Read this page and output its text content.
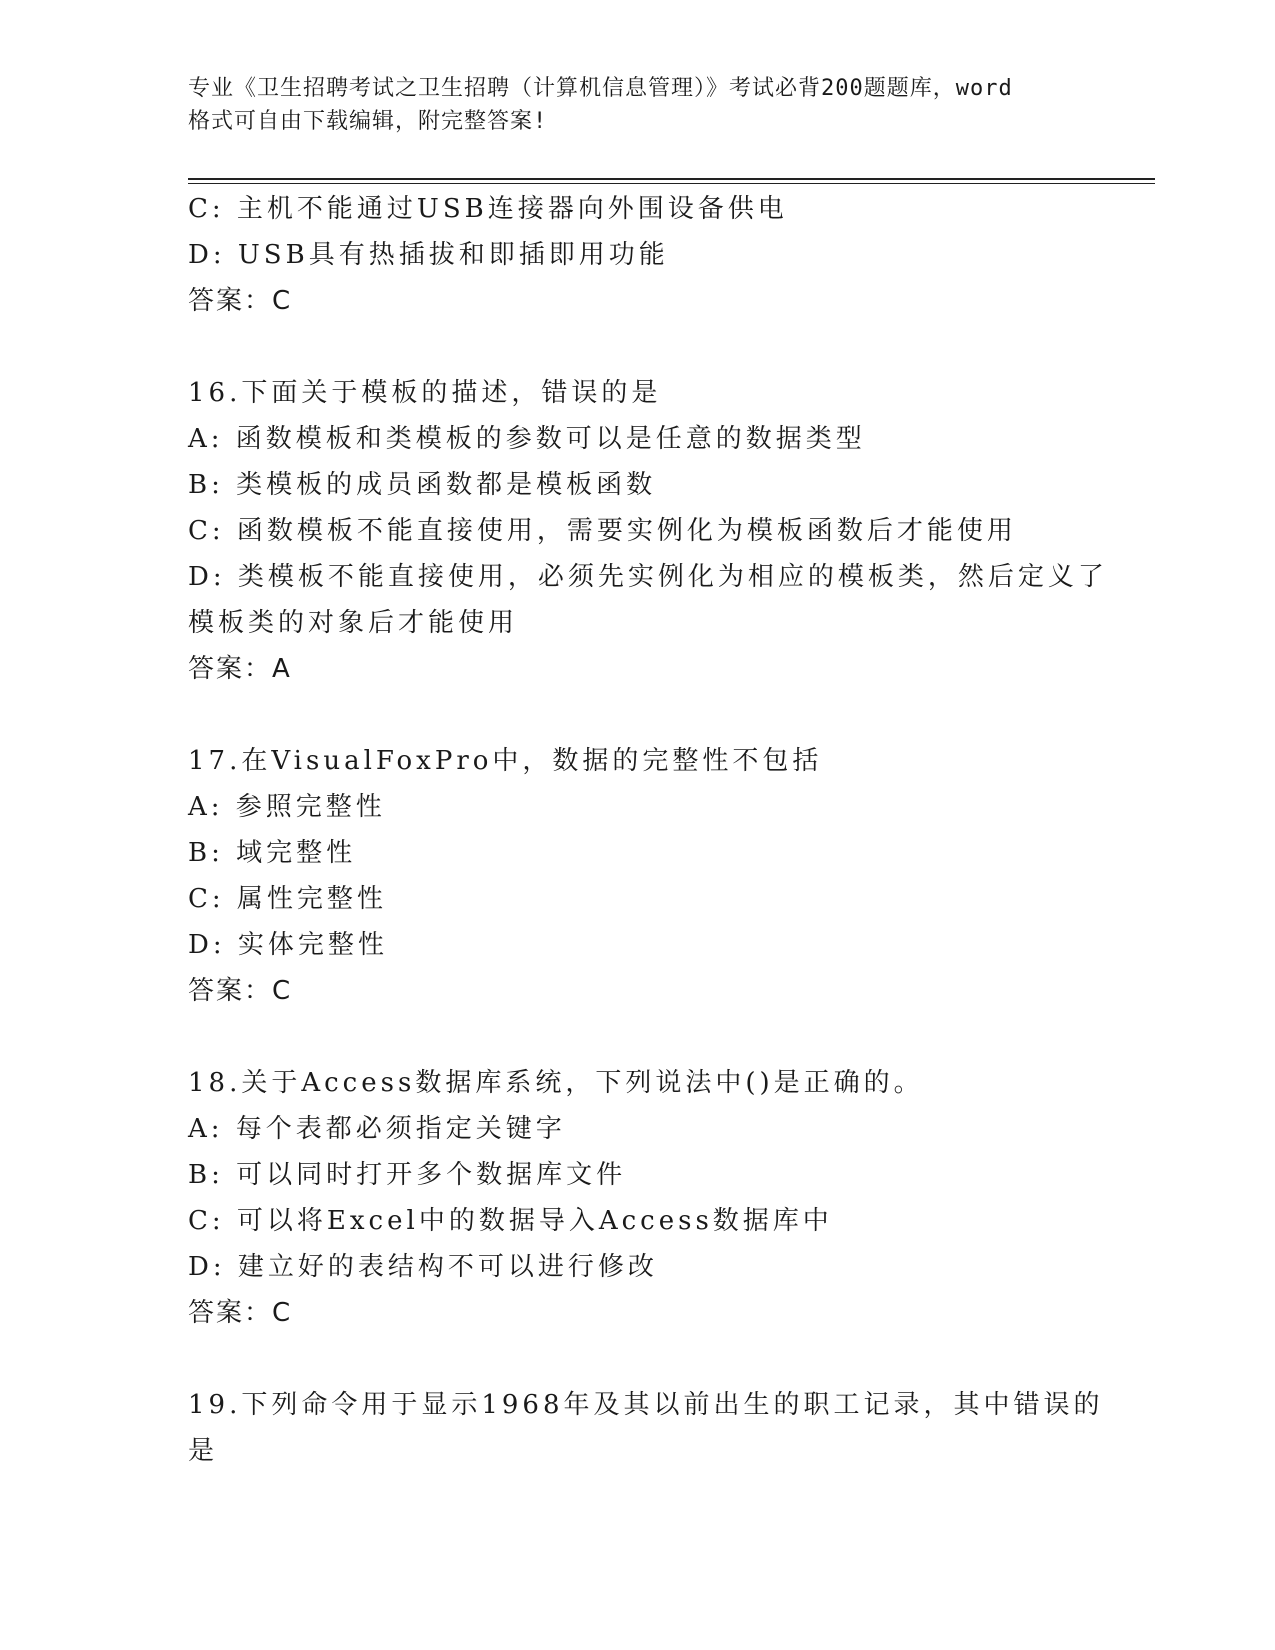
专业《卫生招聘考试之卫生招聘（计算机信息管理）》考试必背200题题库，word
格式可自由下载编辑，附完整答案!
C: 主机不能通过USB连接器向外围设备供电
D: USB具有热插拔和即插即用功能
答案：C
16.下面关于模板的描述，错误的是
A: 函数模板和类模板的参数可以是任意的数据类型
B: 类模板的成员函数都是模板函数
C: 函数模板不能直接使用，需要实例化为模板函数后才能使用
D: 类模板不能直接使用，必须先实例化为相应的模板类，然后定义了
模板类的对象后才能使用
答案：A
17.在VisualFoxPro中，数据的完整性不包括
A: 参照完整性
B: 域完整性
C: 属性完整性
D: 实体完整性
答案：C
18.关于Access数据库系统，下列说法中()是正确的。
A: 每个表都必须指定关键字
B: 可以同时打开多个数据库文件
C: 可以将Excel中的数据导入Access数据库中
D: 建立好的表结构不可以进行修改
答案：C
19.下列命令用于显示1968年及其以前出生的职工记录，其中错误的
是
